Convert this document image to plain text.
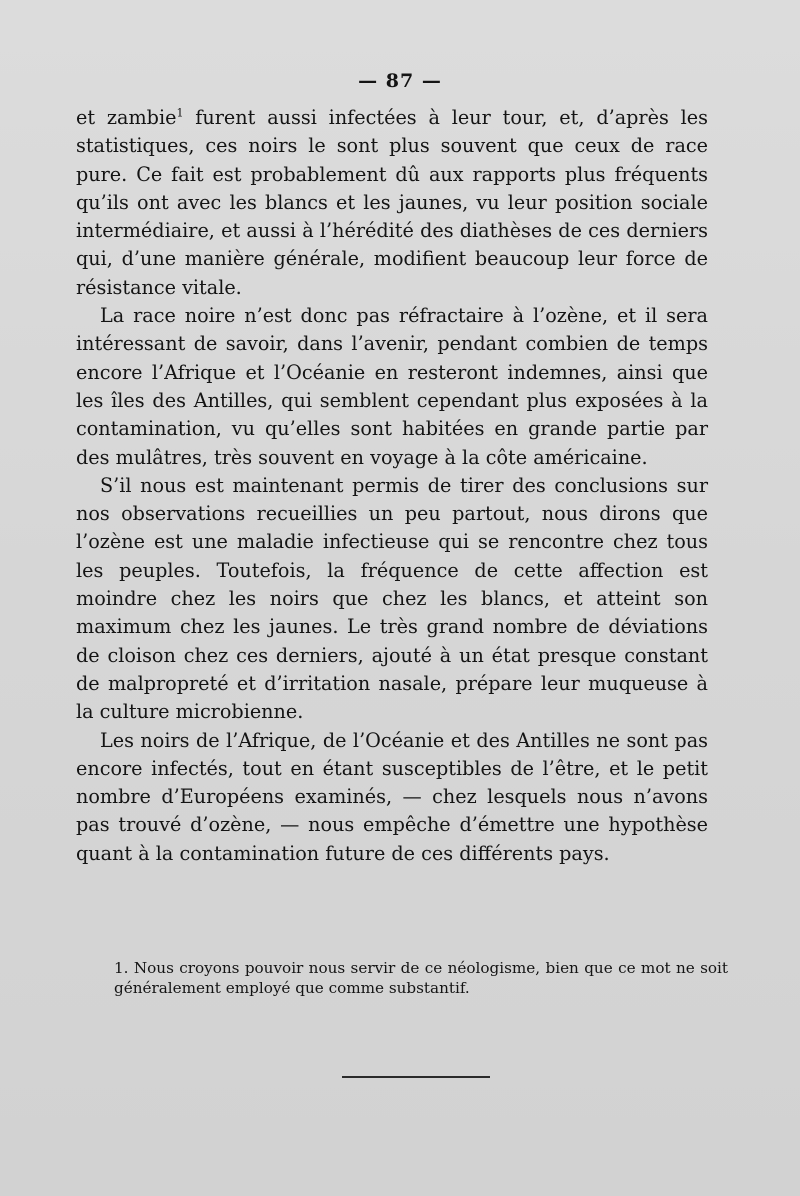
— 87 —

et zambie$^1$ furent aussi infectées à leur tour, et, d’après les statistiques, ces noirs le sont plus souvent que ceux de race pure. Ce fait est probablement dû aux rapports plus fréquents qu’ils ont avec les blancs et les jaunes, vu leur position sociale intermédiaire, et aussi à l’hérédité des diathèses de ces derniers qui, d’une manière générale, modifient beaucoup leur force de résistance vitale.

La race noire n’est donc pas réfractaire à l’ozène, et il sera intéressant de savoir, dans l’avenir, pendant combien de temps encore l’Afrique et l’Océanie en resteront indemnes, ainsi que les îles des Antilles, qui semblent cependant plus exposées à la contamination, vu qu’elles sont habitées en grande partie par des mulâtres, très souvent en voyage à la côte américaine.

S’il nous est maintenant permis de tirer des conclusions sur nos observations recueillies un peu partout, nous dirons que l’ozène est une maladie infectieuse qui se rencontre chez tous les peuples. Toutefois, la fréquence de cette affection est moindre chez les noirs que chez les blancs, et atteint son maximum chez les jaunes. Le très grand nombre de déviations de cloison chez ces derniers, ajouté à un état presque constant de malpropreté et d’irritation nasale, prépare leur muqueuse à la culture microbienne.

Les noirs de l’Afrique, de l’Océanie et des Antilles ne sont pas encore infectés, tout en étant susceptibles de l’être, et le petit nombre d’Européens examinés, — chez lesquels nous n’avons pas trouvé d’ozène, — nous empêche d’émettre une hypothèse quant à la contamination future de ces différents pays.

1. Nous croyons pouvoir nous servir de ce néologisme, bien que ce mot ne soit généralement employé que comme substantif.
